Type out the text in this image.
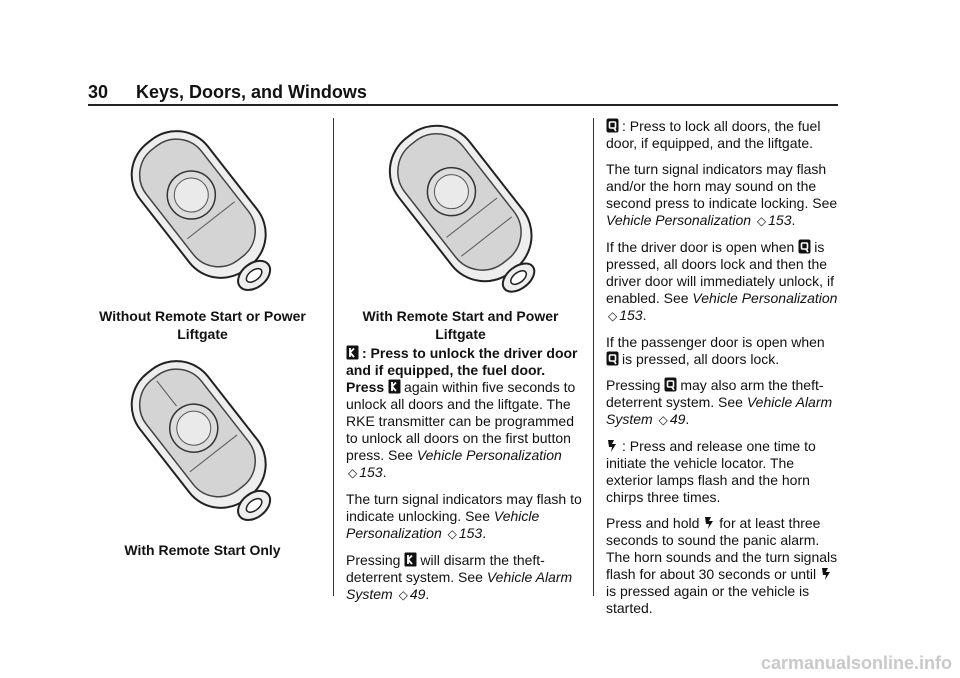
30 Keys, Doors, and Windows
Without Remote Start or Power
Liftgate
With Remote Start Only
With Remote Start and Power
Liftgate

: Press to unlock the driver door and if equipped, the fuel door. Press again within five seconds to unlock all doors and the liftgate. The RKE transmitter can be programmed to unlock all doors on the first button press. See Vehicle Personalization ◇ 153.

The turn signal indicators may flash to indicate unlocking. See Vehicle Personalization ◇ 153.

Pressing will disarm the theft-deterrent system. See Vehicle Alarm System ◇ 49.

: Press to lock all doors, the fuel door, if equipped, and the liftgate.

The turn signal indicators may flash and/or the horn may sound on the second press to indicate locking. See Vehicle Personalization ◇ 153.

If the driver door is open when is pressed, all doors lock and then the driver door will immediately unlock, if enabled. See Vehicle Personalization ◇ 153.

If the passenger door is open when
is pressed, all doors lock.

Pressing may also arm the theft-deterrent system. See Vehicle Alarm System ◇ 49.

: Press and release one time to initiate the vehicle locator. The exterior lamps flash and the horn chirps three times.

Press and hold for at least three seconds to sound the panic alarm. The horn sounds and the turn signals flash for about 30 seconds or until
is pressed again or the vehicle is started.

carmanualsonline.info
